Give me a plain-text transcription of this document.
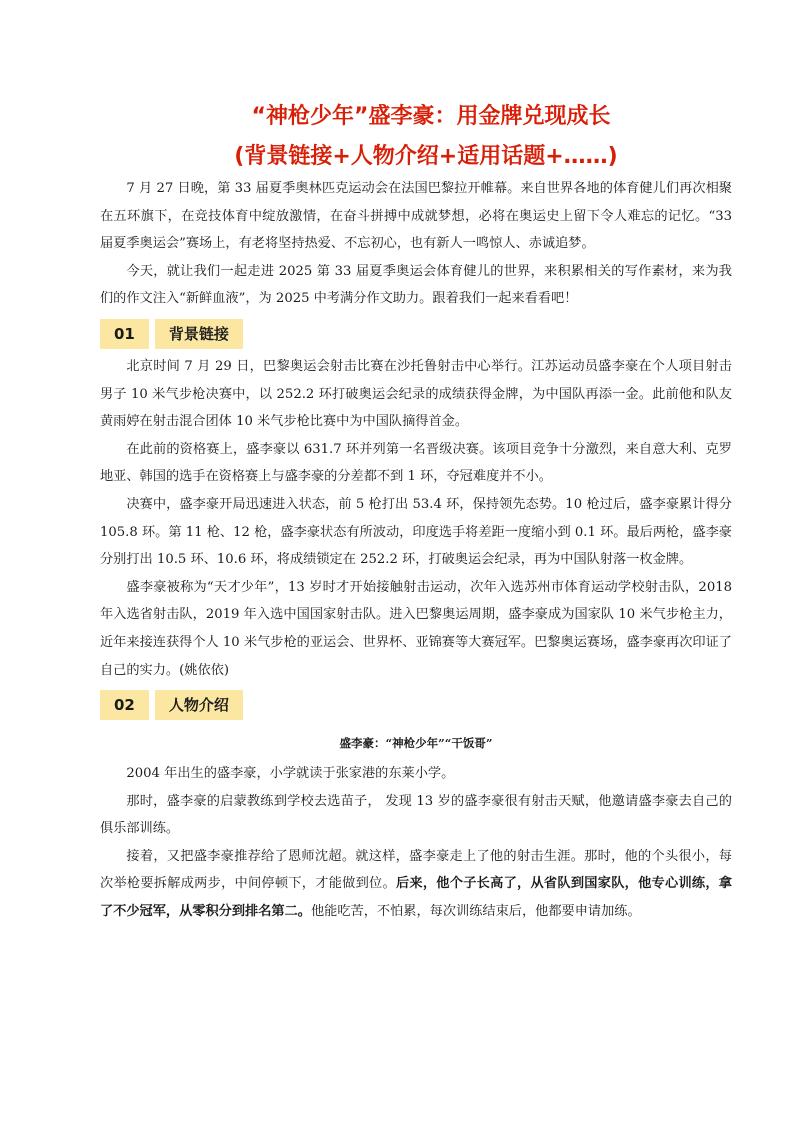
“神枪少年”盛李豪：用金牌兑现成长
(背景链接+人物介绍+适用话题+……)

7 月 27 日晚，第 33 届夏季奥林匹克运动会在法国巴黎拉开帷幕。来自世界各地的体育健儿们再次相聚在五环旗下，在竞技体育中绽放激情，在奋斗拼搏中成就梦想，必将在奥运史上留下令人难忘的记忆。“33 届夏季奥运会”赛场上，有老将坚持热爱、不忘初心，也有新人一鸣惊人、赤诚追梦。

今天，就让我们一起走进 2025 第 33 届夏季奥运会体育健儿的世界，来积累相关的写作素材，来为我们的作文注入“新鲜血液”，为 2025 中考满分作文助力。跟着我们一起来看看吧！

01	背景链接

北京时间 7 月 29 日，巴黎奥运会射击比赛在沙托鲁射击中心举行。江苏运动员盛李豪在个人项目射击男子 10 米气步枪决赛中，以 252.2 环打破奥运会纪录的成绩获得金牌，为中国队再添一金。此前他和队友黄雨婷在射击混合团体 10 米气步枪比赛中为中国队摘得首金。

在此前的资格赛上，盛李豪以 631.7 环并列第一名晋级决赛。该项目竞争十分激烈，来自意大利、克罗地亚、韩国的选手在资格赛上与盛李豪的分差都不到 1 环，夺冠难度并不小。

决赛中，盛李豪开局迅速进入状态，前 5 枪打出 53.4 环，保持领先态势。10 枪过后，盛李豪累计得分 105.8 环。第 11 枪、12 枪，盛李豪状态有所波动，印度选手将差距一度缩小到 0.1 环。最后两枪，盛李豪分别打出 10.5 环、10.6 环，将成绩锁定在 252.2 环，打破奥运会纪录，再为中国队射落一枚金牌。

盛李豪被称为“天才少年”，13 岁时才开始接触射击运动，次年入选苏州市体育运动学校射击队，2018 年入选省射击队，2019 年入选中国国家射击队。进入巴黎奥运周期，盛李豪成为国家队 10 米气步枪主力，近年来接连获得个人 10 米气步枪的亚运会、世界杯、亚锦赛等大赛冠军。巴黎奥运赛场，盛李豪再次印证了自己的实力。(姚依依)

02	人物介绍
盛李豪：“神枪少年”“干饭哥”

2004 年出生的盛李豪，小学就读于张家港的东莱小学。

那时，盛李豪的启蒙教练到学校去选苗子， 发现 13 岁的盛李豪很有射击天赋，他邀请盛李豪去自己的俱乐部训练。

接着，又把盛李豪推荐给了恩师沈超。就这样，盛李豪走上了他的射击生涯。那时，他的个头很小，每次举枪要拆解成两步，中间停顿下，才能做到位。后来，他个子长高了，从省队到国家队，他专心训练，拿了不少冠军，从零积分到排名第二。他能吃苦，不怕累，每次训练结束后，他都要申请加练。
